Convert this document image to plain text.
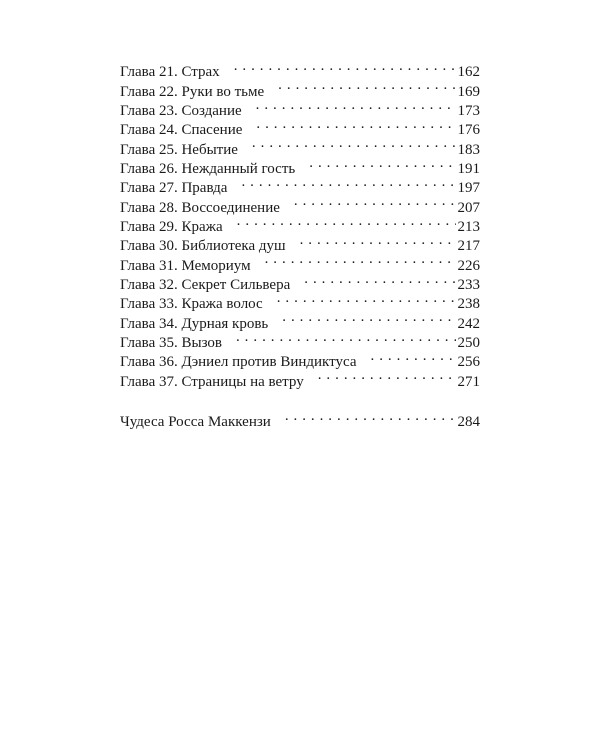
Глава 21. Страх . . .	162
Глава 22. Руки во тьме . . .	169
Глава 23. Создание . . .	173
Глава 24. Спасение . . .	176
Глава 25. Небытие . . .	183
Глава 26. Нежданный гость . . .	191
Глава 27. Правда . . .	197
Глава 28. Воссоединение . . .	207
Глава 29. Кража . . .	213
Глава 30. Библиотека душ . . .	217
Глава 31. Мемориум . . .	226
Глава 32. Секрет Сильвера . . .	233
Глава 33. Кража волос . . .	238
Глава 34. Дурная кровь . . .	242
Глава 35. Вызов . . .	250
Глава 36. Дэниел против Виндиктуса . . .	256
Глава 37. Страницы на ветру . . .	271
Чудеса Росса Маккензи . . .	284
